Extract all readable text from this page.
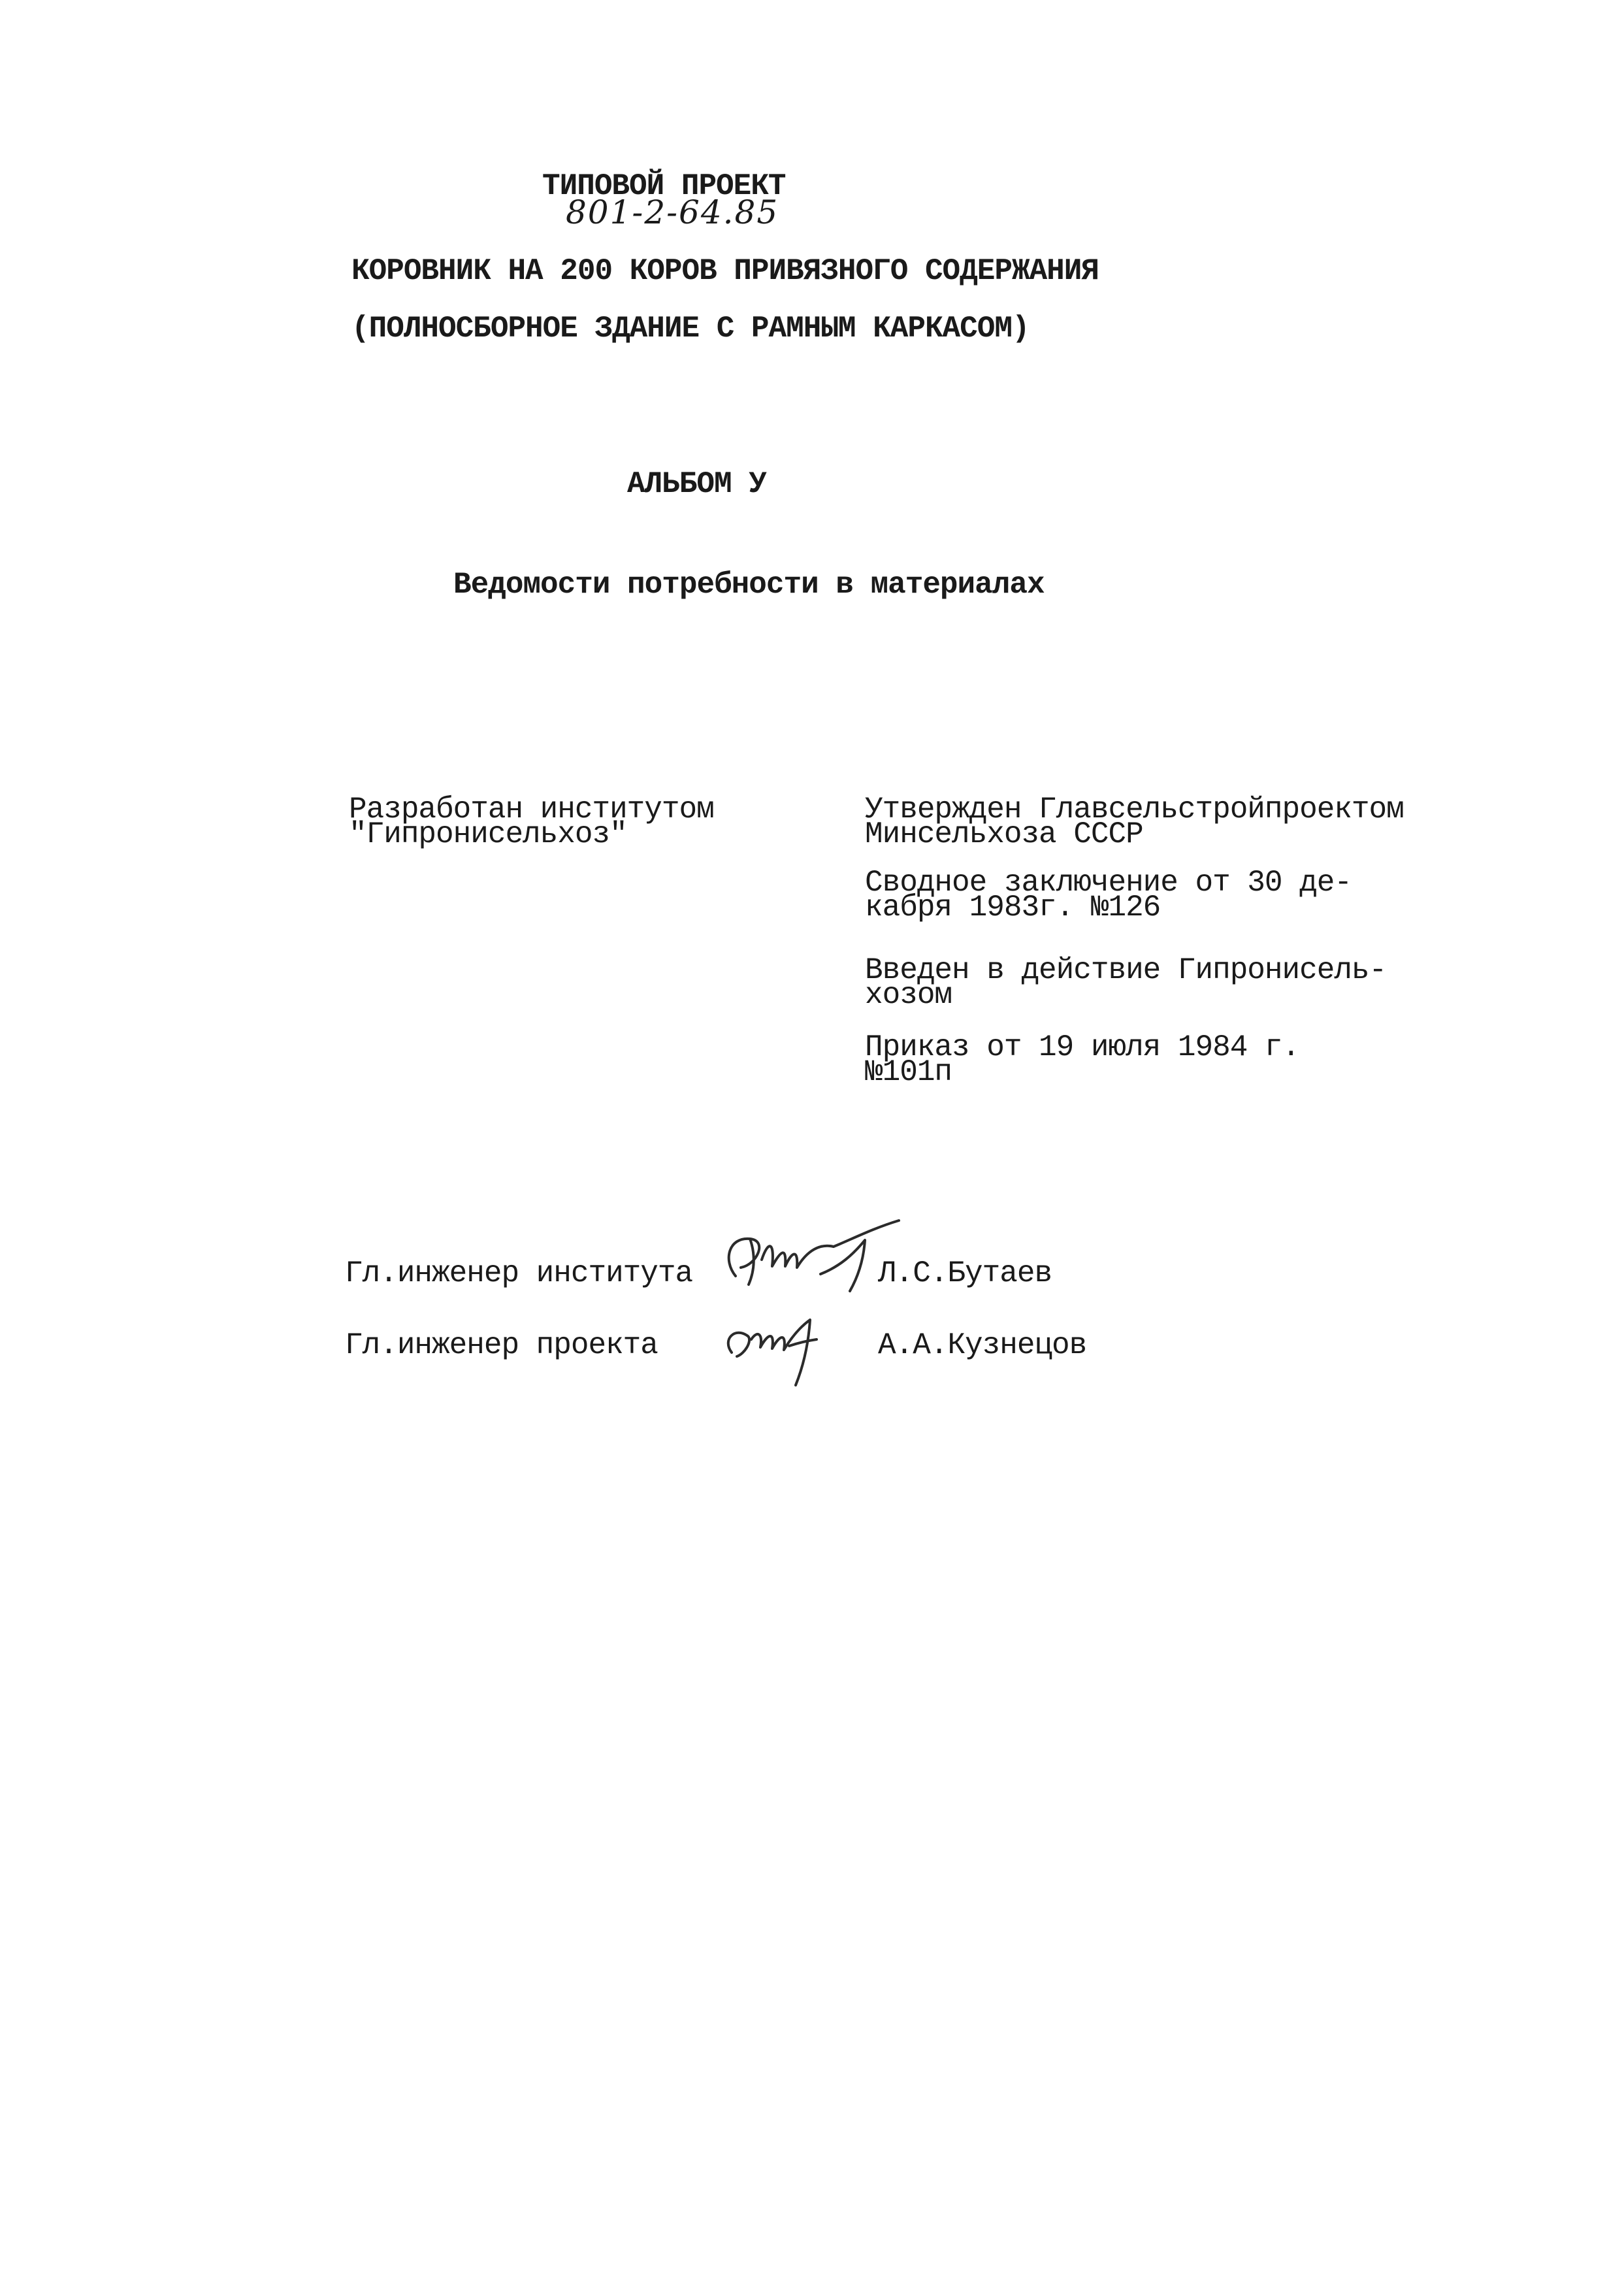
ТИПОВОЙ ПРОЕКТ
801-2-64.85
КОРОВНИК НА 200 КОРОВ ПРИВЯЗНОГО СОДЕРЖАНИЯ
(ПОЛНОСБОРНОЕ ЗДАНИЕ С РАМНЫМ КАРКАСОМ)
АЛЬБОМ У
Ведомости потребности в материалах
Разработан институтом
"Гипронисельхоз"
Утвержден Главсельстройпроектом
Минсельхоза СССР
Сводное заключение от 30 де-
кабря 1983г. №126
Введен в действие Гипронисель-
хозом
Приказ от 19 июля 1984 г.
№101п
Гл.инженер института	Л.С.Бутаев
Гл.инженер проекта	А.А.Кузнецов
